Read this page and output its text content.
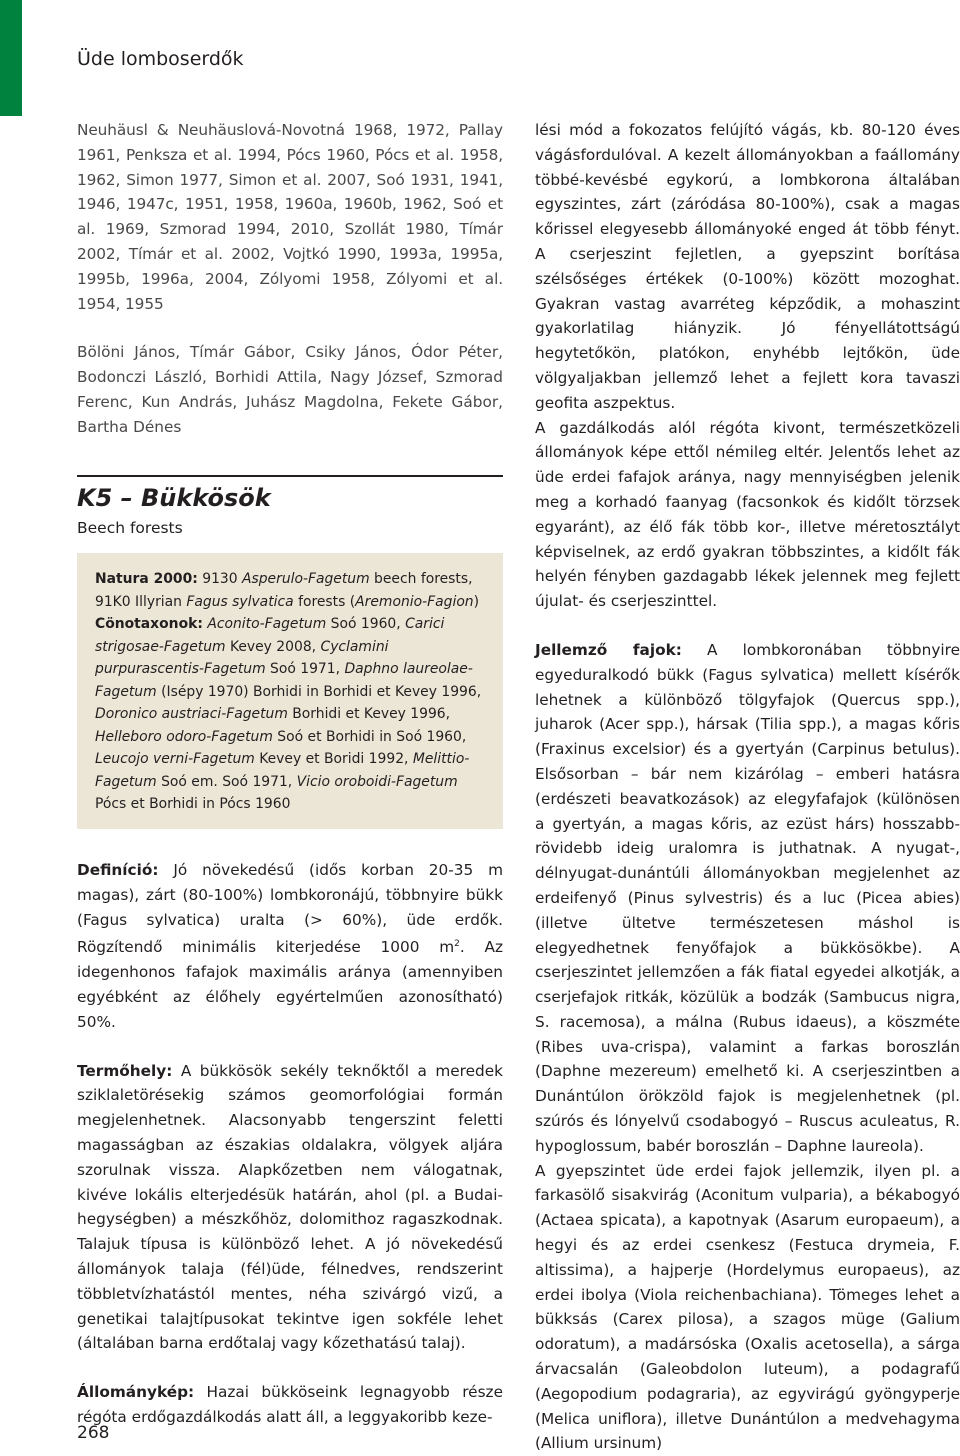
Üde lomboserdők

Neuhäusl & Neuhäuslová-Novotná 1968, 1972, Pallay 1961, Penksza et al. 1994, Pócs 1960, Pócs et al. 1958, 1962, Simon 1977, Simon et al. 2007, Soó 1931, 1941, 1946, 1947c, 1951, 1958, 1960a, 1960b, 1962, Soó et al. 1969, Szmorad 1994, 2010, Szollát 1980, Tímár 2002, Tímár et al. 2002, Vojtkó 1990, 1993a, 1995a, 1995b, 1996a, 2004, Zólyomi 1958, Zólyomi et al. 1954, 1955

Bölöni János, Tímár Gábor, Csiky János, Ódor Péter, Bodonczi László, Borhidi Attila, Nagy József, Szmorad Ferenc, Kun András, Juhász Magdolna, Fekete Gábor, Bartha Dénes

K5 – Bükkösök
Beech forests

Natura 2000: 9130 Asperulo-Fagetum beech forests, 91K0 Illyrian Fagus sylvatica forests (Aremonio-Fagion)

Cönotaxonok: Aconito-Fagetum Soó 1960, Carici strigosae-Fagetum Kevey 2008, Cyclamini purpurascentis-Fagetum Soó 1971, Daphno laureolae-Fagetum (Isépy 1970) Borhidi in Borhidi et Kevey 1996, Doronico austriaci-Fagetum Borhidi et Kevey 1996, Helleboro odoro-Fagetum Soó et Borhidi in Soó 1960, Leucojo verni-Fagetum Kevey et Boridi 1992, Melittio-Fagetum Soó em. Soó 1971, Vicio oroboidi-Fagetum Pócs et Borhidi in Pócs 1960

Definíció: Jó növekedésű (idős korban 20-35 m magas), zárt (80-100%) lombkoronájú, többnyire bükk (Fagus sylvatica) uralta (> 60%), üde erdők. Rögzítendő minimális kiterjedése 1000 $m^2$. Az idegenhonos fafajok maximális aránya (amennyiben egyébként az élőhely egyértelműen azonosítható) 50%.

Termőhely: A bükkösök sekély teknőktől a meredek sziklaletörésekig számos geomorfológiai formán megjelenhetnek. Alacsonyabb tengerszint feletti magasságban az északias oldalakra, völgyek aljára szorulnak vissza. Alapkőzetben nem válogatnak, kivéve lokális elterjedésük határán, ahol (pl. a Budai-hegységben) a mészkőhöz, dolomithoz ragaszkodnak. Talajuk típusa is különböző lehet. A jó növekedésű állományok talaja (fél)üde, félnedves, rendszerint többletvízhatástól mentes, néha szivárgó vizű, a genetikai talajtípusokat tekintve igen sokféle lehet (általában barna erdőtalaj vagy kőzethatású talaj).

Állománykép: Hazai bükköseink legnagyobb része régóta erdőgazdálkodás alatt áll, a leggyakoribb keze-

lési mód a fokozatos felújító vágás, kb. 80-120 éves vágásfordulóval. A kezelt állományokban a faállomány többé-kevésbé egykorú, a lombkorona általában egyszintes, zárt (záródása 80-100%), csak a magas kőrissel elegyesebb állományoké enged át több fényt. A cserjeszint fejletlen, a gyepszint borítása szélsőséges értékek (0-100%) között mozoghat. Gyakran vastag avarréteg képződik, a mohaszint gyakorlatilag hiányzik. Jó fényellátottságú hegytetőkön, platókon, enyhébb lejtőkön, üde völgyaljakban jellemző lehet a fejlett kora tavaszi geofita aszpektus.

A gazdálkodás alól régóta kivont, természetközeli állományok képe ettől némileg eltér. Jelentős lehet az üde erdei fafajok aránya, nagy mennyiségben jelenik meg a korhadó faanyag (facsonkok és kidőlt törzsek egyaránt), az élő fák több kor-, illetve méretosztályt képviselnek, az erdő gyakran többszintes, a kidőlt fák helyén fényben gazdagabb lékek jelennek meg fejlett újulat- és cserjeszinttel.

Jellemző fajok: A lombkoronában többnyire egyeduralkodó bükk (Fagus sylvatica) mellett kísérők lehetnek a különböző tölgyfajok (Quercus spp.), juharok (Acer spp.), hársak (Tilia spp.), a magas kőris (Fraxinus excelsior) és a gyertyán (Carpinus betulus). Elsősorban – bár nem kizárólag – emberi hatásra (erdészeti beavatkozások) az elegyfafajok (különösen a gyertyán, a magas kőris, az ezüst hárs) hosszabb-rövidebb ideig uralomra is juthatnak. A nyugat-, délnyugat-dunántúli állományokban megjelenhet az erdeifenyő (Pinus sylvestris) és a luc (Picea abies) (illetve ültetve természetesen máshol is elegyedhetnek fenyőfajok a bükkösökbe). A cserjeszintet jellemzően a fák fiatal egyedei alkotják, a cserjefajok ritkák, közülük a bodzák (Sambucus nigra, S. racemosa), a málna (Rubus idaeus), a köszméte (Ribes uva-crispa), valamint a farkas boroszlán (Daphne mezereum) emelhető ki. A cserjeszintben a Dunántúlon örökzöld fajok is megjelenhetnek (pl. szúrós és lónyelvű csodabogyó – Ruscus aculeatus, R. hypoglossum, babér boroszlán – Daphne laureola).

A gyepszintet üde erdei fajok jellemzik, ilyen pl. a farkasölő sisakvirág (Aconitum vulparia), a békabogyó (Actaea spicata), a kapotnyak (Asarum europaeum), a hegyi és az erdei csenkesz (Festuca drymeia, F. altissima), a hajperje (Hordelymus europaeus), az erdei ibolya (Viola reichenbachiana). Tömeges lehet a bükksás (Carex pilosa), a szagos müge (Galium odoratum), a madársóska (Oxalis acetosella), a sárga árvacsalán (Galeobdolon luteum), a podagrafű (Aegopodium podagraria), az egyvirágú gyöngyperje (Melica uniflora), illetve Dunántúlon a medvehagyma (Allium ursinum)

268
